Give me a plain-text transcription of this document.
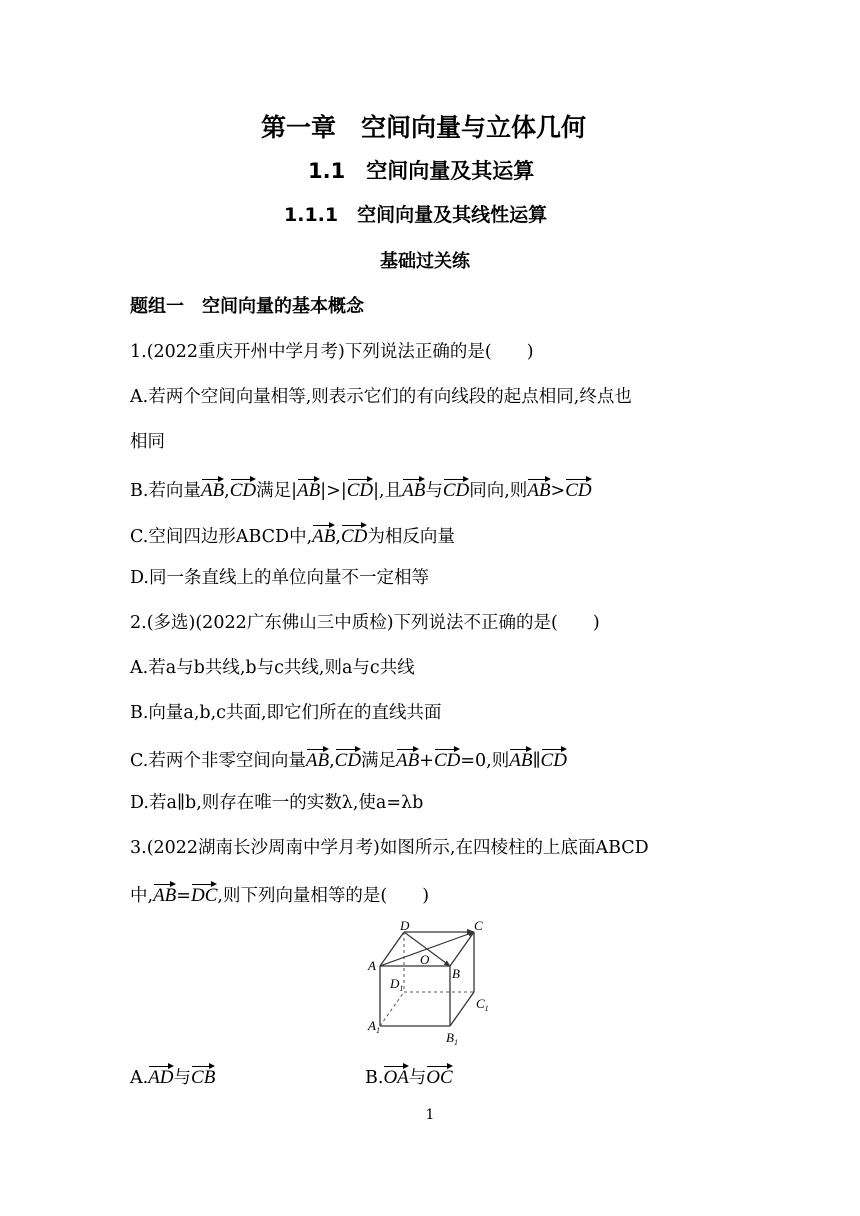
第一章　空间向量与立体几何
1.1　空间向量及其运算
1.1.1　空间向量及其线性运算
基础过关练
题组一　空间向量的基本概念
1.(2022重庆开州中学月考)下列说法正确的是(　　)
A.若两个空间向量相等,则表示它们的有向线段的起点相同,终点也
相同
B.若向量AB,CD满足|AB|>|CD|,且AB与CD同向,则AB>CD
C.空间四边形ABCD中,AB,CD为相反向量
D.同一条直线上的单位向量不一定相等
2.(多选)(2022广东佛山三中质检)下列说法不正确的是(　　)
A.若a与b共线,b与c共线,则a与c共线
B.向量a,b,c共面,即它们所在的直线共面
C.若两个非零空间向量AB,CD满足AB+CD=0,则AB∥CD
D.若a∥b,则存在唯一的实数λ,使a=λb
3.(2022湖南长沙周南中学月考)如图所示,在四棱柱的上底面ABCD
中,AB=DC,则下列向量相等的是(　　)
A
B
C
D
O
$D_1$
$C_1$
$A_1$	$B_1$
A.AD与CB	B.OA与OC
1
